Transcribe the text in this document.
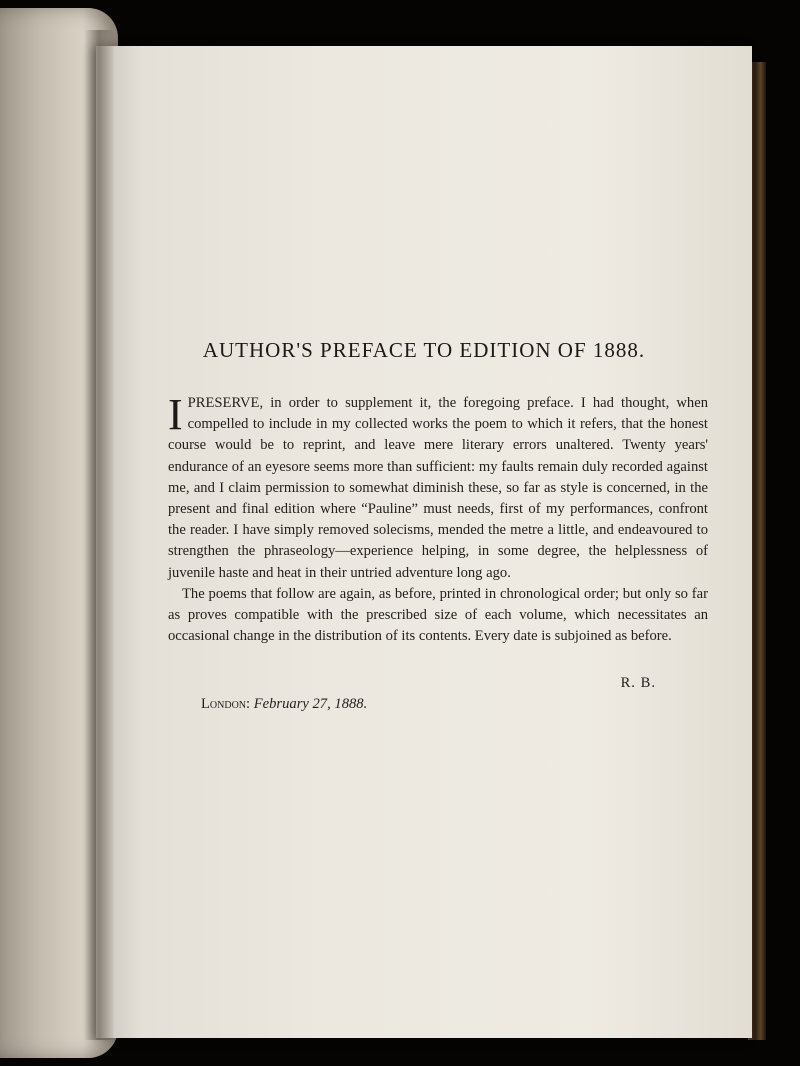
AUTHOR'S PREFACE TO EDITION OF 1888.

IPRESERVE, in order to supplement it, the foregoing preface. I had thought, when compelled to include in my collected works the poem to which it refers, that the honest course would be to reprint, and leave mere literary errors unaltered. Twenty years' endurance of an eyesore seems more than sufficient: my faults remain duly recorded against me, and I claim permission to somewhat diminish these, so far as style is concerned, in the present and final edition where “Pauline” must needs, first of my performances, confront the reader. I have simply removed solecisms, mended the metre a little, and endeavoured to strengthen the phraseology—experience helping, in some degree, the helplessness of juvenile haste and heat in their untried adventure long ago.

The poems that follow are again, as before, printed in chronological order; but only so far as proves compatible with the prescribed size of each volume, which necessitates an occasional change in the distribution of its contents. Every date is subjoined as before.

R. B.
London: February 27, 1888.
